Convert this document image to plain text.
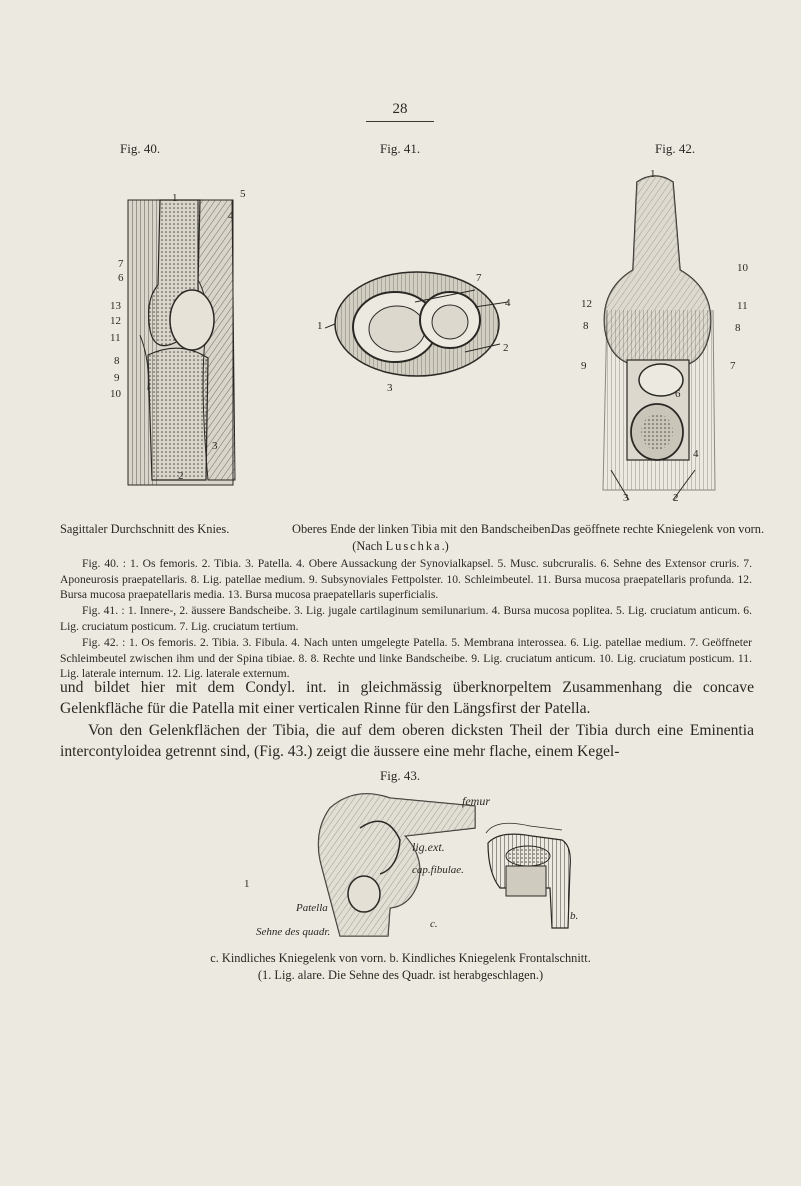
28
Fig. 40.	Fig. 41.	Fig. 42.
1	5
4
7
6
13
12
11
8
9
10
2
3
7
4
1
2
3
1
10
11
12
8	8
9	7
6
4
3	2
Sagittaler Durchschnitt des Knies.	Oberes Ende der linken Tibia mit den Bandscheiben.
Das geöffnete rechte Kniegelenk von vorn.
(Nach Luschka.)
Fig. 40. : 1. Os femoris. 2. Tibia. 3. Patella. 4. Obere Aussackung der Synovialkapsel. 5. Musc. subcruralis. 6. Sehne des Extensor cruris. 7. Aponeurosis praepatellaris. 8. Lig. patellae medium. 9. Subsynoviales Fettpolster. 10. Schleimbeutel. 11. Bursa mucosa praepatellaris profunda. 12. Bursa mucosa praepatellaris media. 13. Bursa mucosa praepatellaris superficialis.
Fig. 41. : 1. Innere-, 2. äussere Bandscheibe. 3. Lig. jugale cartilaginum semilunarium. 4. Bursa mucosa poplitea. 5. Lig. cruciatum anticum. 6. Lig. cruciatum posticum. 7. Lig. cruciatum tertium.
Fig. 42. : 1. Os femoris. 2. Tibia. 3. Fibula. 4. Nach unten umgelegte Patella. 5. Membrana interossea. 6. Lig. patellae medium. 7. Geöffneter Schleimbeutel zwischen ihm und der Spina tibiae. 8. 8. Rechte und linke Bandscheibe. 9. Lig. cruciatum anticum. 10. Lig. cruciatum posticum. 11. Lig. laterale internum. 12. Lig. laterale externum.
und bildet hier mit dem Condyl. int. in gleichmässig überknorpeltem Zusammenhang die concave Gelenkfläche für die Patella mit einer verticalen Rinne für den Längsfirst der Patella.
Von den Gelenkflächen der Tibia, die auf dem oberen dicksten Theil der Tibia durch eine Eminentia intercontyloidea getrennt sind, (Fig. 43.) zeigt die äussere eine mehr flache, einem Kegel-
Fig. 43.
femur
lig.ext.
cap.fibulae.
Patella
Sehne des quadr.
c.
b.
1
c. Kindliches Kniegelenk von vorn. b. Kindliches Kniegelenk Frontalschnitt.
(1. Lig. alare. Die Sehne des Quadr. ist herabgeschlagen.)
